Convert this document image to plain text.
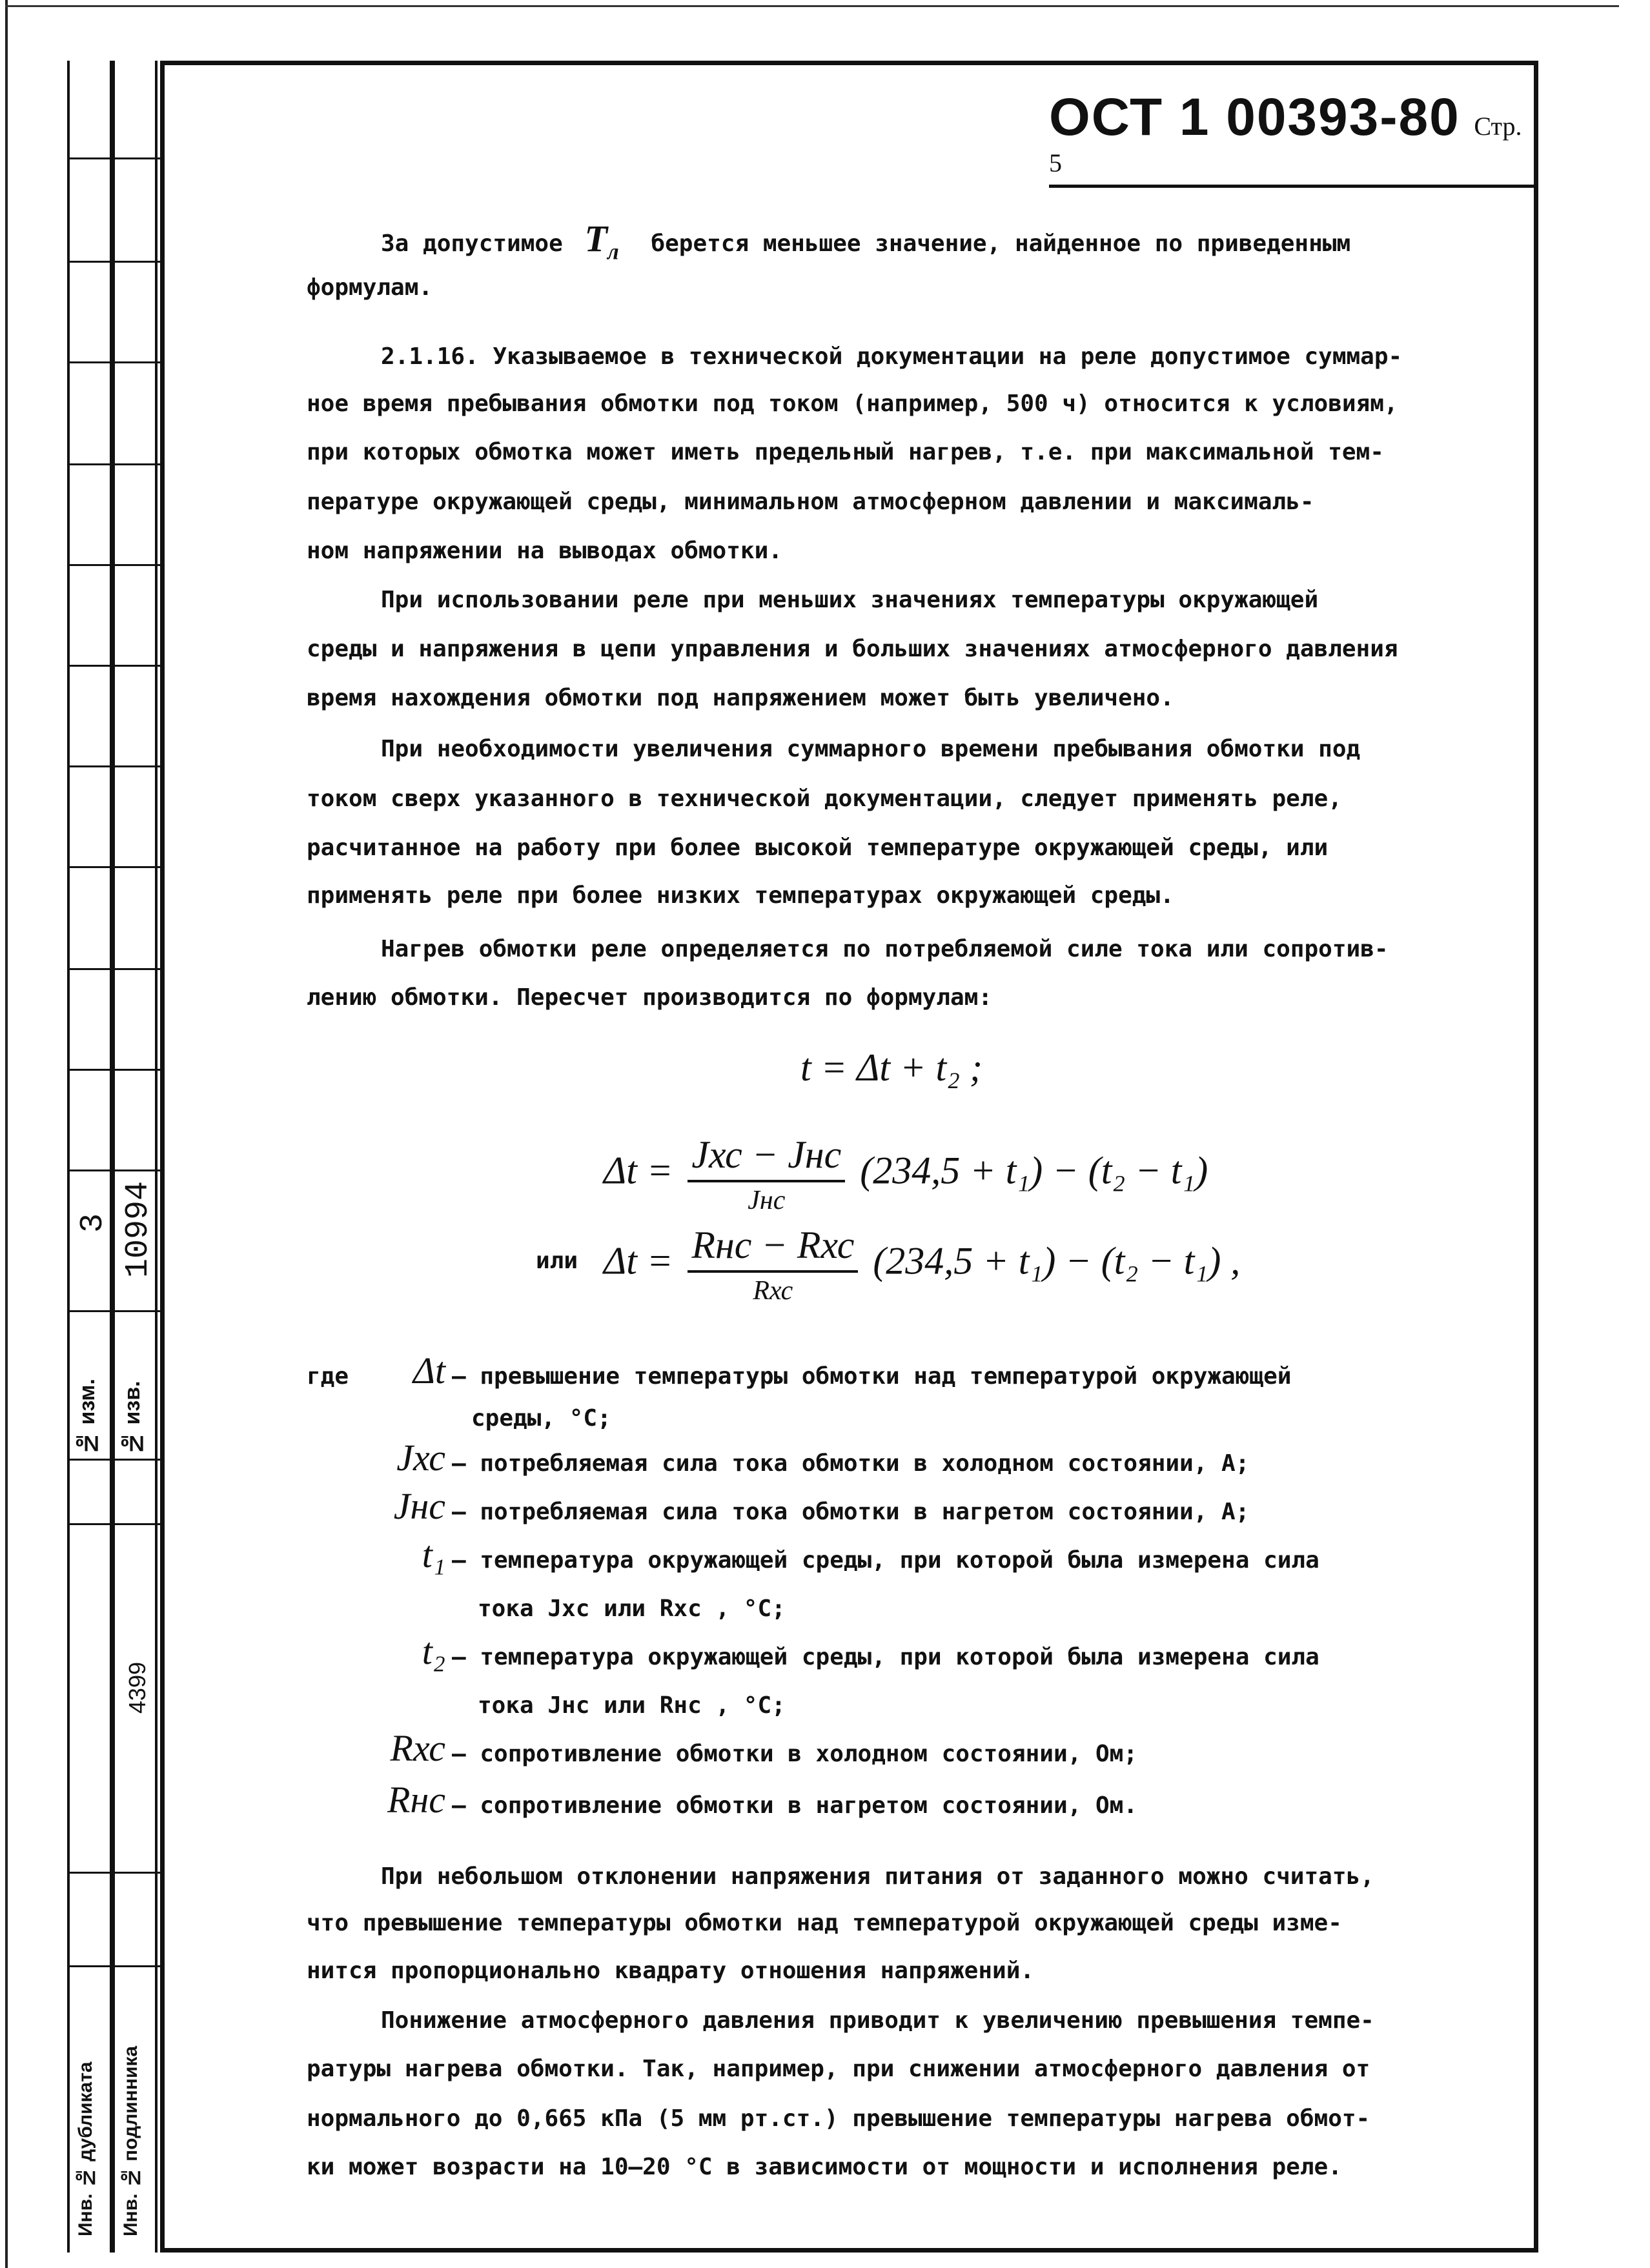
№ изм. № изв.
3 10994
4399
Инв. № дубликата Инв. № подлинника
ОСТ 1 00393-80 Стр. 5
За допустимое $T_л$ берется меньшее значение, найденное по приведенным
формулам.
2.1.16. Указываемое в технической документации на реле допустимое суммар-
ное время пребывания обмотки под током (например, 500 ч) относится к условиям,
при которых обмотка может иметь предельный нагрев, т.е. при максимальной тем-
пературе окружающей среды, минимальном атмосферном давлении и максималь-
ном напряжении на выводах обмотки.
При использовании реле при меньших значениях температуры окружающей
среды и напряжения в цепи управления и больших значениях атмосферного давления
время нахождения обмотки под напряжением может быть увеличено.
При необходимости увеличения суммарного времени пребывания обмотки под
током сверх указанного в технической документации, следует применять реле,
расчитанное на работу при более высокой температуре окружающей среды, или
применять реле при более низких температурах окружающей среды.
Нагрев обмотки реле определяется по потребляемой силе тока или сопротив-
лению обмотки. Пересчет производится по формулам:
t = Δt + t₂ ;
$\Delta t = \frac{\text{Jхс − Jнс}}{\text{Jнс}} (234,5 + t_1) - (t_2 - t_1)$
или $\Delta t = \frac{\text{Rнс − Rхс}}{\text{Rхс}} (234,5 + t_1) - (t_2 - t_1)$ ,
где	Δt – превышение температуры обмотки над температурой окружающей
среды, °С;
Jхс – потребляемая сила тока обмотки в холодном состоянии, А;
Jнс – потребляемая сила тока обмотки в нагретом состоянии, А;
t₁ – температура окружающей среды, при которой была измерена сила
тока Jхс или Rхс , °С;
t₂ – температура окружающей среды, при которой была измерена сила
тока Jнс или Rнс , °С;
Rхс – сопротивление обмотки в холодном состоянии, Ом;
Rнс – сопротивление обмотки в нагретом состоянии, Ом.
При небольшом отклонении напряжения питания от заданного можно считать,
что превышение температуры обмотки над температурой окружающей среды изме-
нится пропорционально квадрату отношения напряжений.
Понижение атмосферного давления приводит к увеличению превышения темпе-
ратуры нагрева обмотки. Так, например, при снижении атмосферного давления от
нормального до 0,665 кПа (5 мм рт.ст.) превышение температуры нагрева обмот-
ки может возрасти на 10–20 °С в зависимости от мощности и исполнения реле.
